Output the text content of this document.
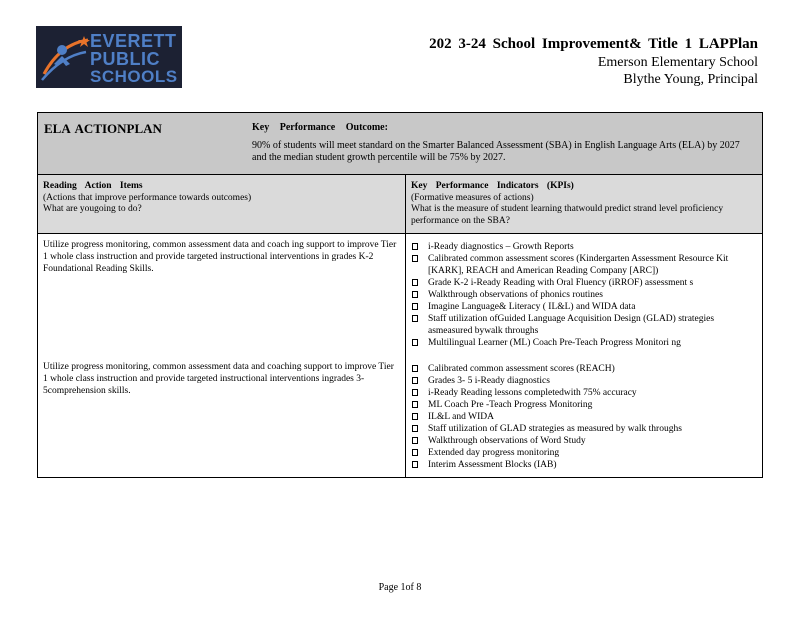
EVERETT
PUBLIC
SCHOOLS
202 3-24 School Improvement& Title 1 LAPPlan
Emerson Elementary School
Blythe Young, Principal
ELA ACTIONPLAN	Key Performance Outcome:
90% of students will meet standard on the Smarter Balanced Assessment (SBA) in English Language Arts (ELA) by 2027 and the median student growth percentile will be 75% by 2027.
Reading Action Items
(Actions that improve performance towards outcomes)
What are yougoing to do?
Key Performance Indicators (KPIs)
(Formative measures of actions)
What is the measure of student learning thatwould predict strand level proficiency performance on the SBA?
Utilize progress monitoring, common assessment data and coach ing support to improve Tier 1 whole class instruction and provide targeted instructional interventions in grades K-2 Foundational Reading Skills.
i-Ready diagnostics – Growth Reports
Calibrated common assessment scores (Kindergarten Assessment Resource Kit [KARK], REACH and American Reading Company [ARC])
Grade K-2 i-Ready Reading with Oral Fluency (iRROF) assessment s
Walkthrough observations of phonics routines
Imagine Language& Literacy ( IL&L) and WIDA data
Staff utilization ofGuided Language Acquisition Design (GLAD) strategies asmeasured bywalk throughs
Multilingual Learner (ML) Coach Pre-Teach Progress Monitori ng
Utilize progress monitoring, common assessment data and coaching support to improve Tier 1 whole class instruction and provide targeted instructional interventions ingrades 3-5comprehension skills.
Calibrated common assessment scores (REACH)
Grades 3- 5 i-Ready diagnostics
i-Ready Reading lessons completedwith 75% accuracy
ML Coach Pre -Teach Progress Monitoring
IL&L and WIDA
Staff utilization of GLAD strategies as measured by walk throughs
Walkthrough observations of Word Study
Extended day progress monitoring
Interim Assessment Blocks (IAB)
Page 1of 8
